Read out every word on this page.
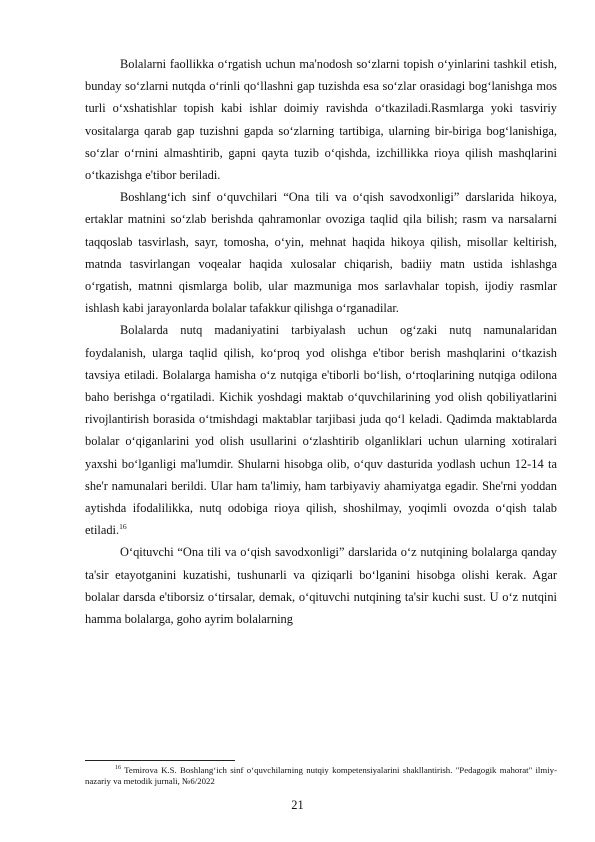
Bolalarni faollikka oʻrgatish uchun ma'nodosh soʻzlarni topish oʻyinlarini tashkil etish, bunday soʻzlarni nutqda oʻrinli qoʻllashni gap tuzishda esa soʻzlar orasidagi bogʻlanishga mos turli oʻxshatishlar topish kabi ishlar doimiy ravishda oʻtkaziladi.Rasmlarga yoki tasviriy vositalarga qarab gap tuzishni gapda soʻzlarning tartibiga, ularning bir-biriga bogʻlanishiga, soʻzlar oʻrnini almashtirib, gapni qayta tuzib oʻqishda, izchillikka rioya qilish mashqlarini oʻtkazishga e'tibor beriladi.

Boshlangʻich sinf oʻquvchilari “Ona tili va oʻqish savodxonligi” darslarida hikoya, ertaklar matnini soʻzlab berishda qahramonlar ovoziga taqlid qila bilish; rasm va narsalarni taqqoslab tasvirlash, sayr, tomosha, oʻyin, mehnat haqida hikoya qilish, misollar keltirish, matnda tasvirlangan voqealar haqida xulosalar chiqarish, badiiy matn ustida ishlashga oʻrgatish, matnni qismlarga bolib, ular mazmuniga mos sarlavhalar topish, ijodiy rasmlar ishlash kabi jarayonlarda bolalar tafakkur qilishga oʻrganadilar.

Bolalarda nutq madaniyatini tarbiyalash uchun ogʻzaki nutq namunalaridan foydalanish, ularga taqlid qilish, koʻproq yod olishga e'tibor berish mashqlarini oʻtkazish tavsiya etiladi. Bolalarga hamisha oʻz nutqiga e'tiborli boʻlish, oʻrtoqlarining nutqiga odilona baho berishga oʻrgatiladi. Kichik yoshdagi maktab oʻquvchilarining yod olish qobiliyatlarini rivojlantirish borasida oʻtmishdagi maktablar tarjibasi juda qoʻl keladi. Qadimda maktablarda bolalar oʻqiganlarini yod olish usullarini oʻzlashtirib olganliklari uchun ularning xotiralari yaxshi boʻlganligi ma'lumdir. Shularni hisobga olib, oʻquv dasturida yodlash uchun 12-14 ta she'r namunalari berildi. Ular ham ta'limiy, ham tarbiyaviy ahamiyatga egadir. She'rni yoddan aytishda ifodalilikka, nutq odobiga rioya qilish, shoshilmay, yoqimli ovozda oʻqish talab etiladi.$^{16}$

Oʻqituvchi “Ona tili va oʻqish savodxonligi” darslarida oʻz nutqining bolalarga qanday ta'sir etayotganini kuzatishi, tushunarli va qiziqarli boʻlganini hisobga olishi kerak. Agar bolalar darsda e'tiborsiz oʻtirsalar, demak, oʻqituvchi nutqining ta'sir kuchi sust. U oʻz nutqini hamma bolalarga, goho ayrim bolalarning

$^{16}$ Temirova K.S. Boshlangʻich sinf oʻquvchilarning nutqiy kompetensiyalarini shakllantirish. "Pedagogik mahorat" ilmiy-nazariy va metodik jurnali, №6/2022

21
